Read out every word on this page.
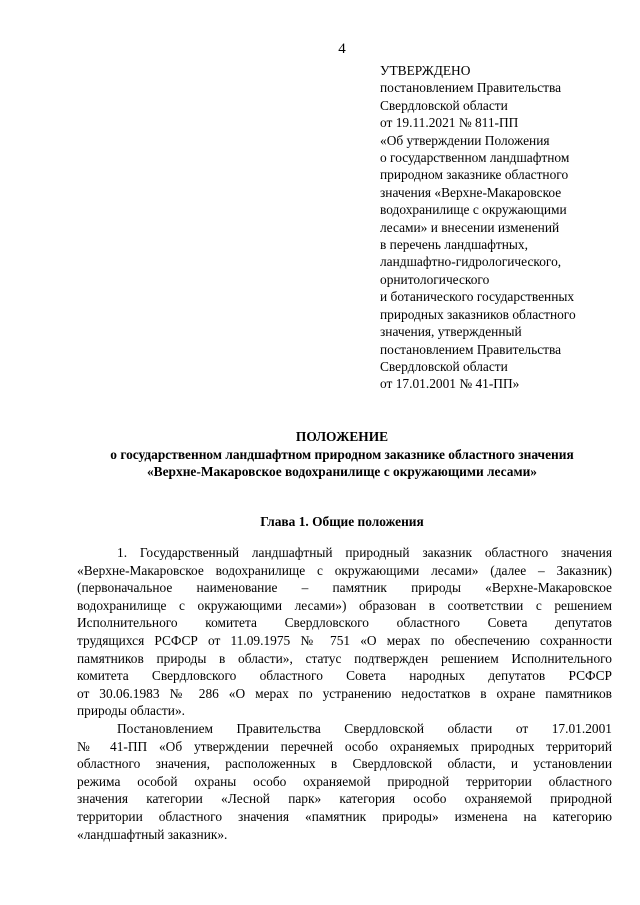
4
УТВЕРЖДЕНО
постановлением Правительства
Свердловской области
от 19.11.2021 № 811-ПП
«Об утверждении Положения
о государственном ландшафтном
природном заказнике областного
значения «Верхне-Макаровское
водохранилище с окружающими
лесами» и внесении изменений
в перечень ландшафтных,
ландшафтно-гидрологического,
орнитологического
и ботанического государственных
природных заказников областного
значения, утвержденный
постановлением Правительства
Свердловской области
от 17.01.2001 № 41-ПП»
ПОЛОЖЕНИЕ
о государственном ландшафтном природном заказнике областного значения
«Верхне-Макаровское водохранилище с окружающими лесами»
Глава 1. Общие положения
1. Государственный ландшафтный природный заказник областного значения
«Верхне-Макаровское водохранилище с окружающими лесами» (далее – Заказник)
(первоначальное наименование – памятник природы «Верхне-Макаровское
водохранилище с окружающими лесами») образован в соответствии с решением
Исполнительного комитета Свердловского областного Совета депутатов
трудящихся РСФСР от 11.09.1975 № 751 «О мерах по обеспечению сохранности
памятников природы в области», статус подтвержден решением Исполнительного
комитета Свердловского областного Совета народных депутатов РСФСР
от 30.06.1983 № 286 «О мерах по устранению недостатков в охране памятников
природы области».
Постановлением Правительства Свердловской области от 17.01.2001
№ 41-ПП «Об утверждении перечней особо охраняемых природных территорий
областного значения, расположенных в Свердловской области, и установлении
режима особой охраны особо охраняемой природной территории областного
значения категории «Лесной парк» категория особо охраняемой природной
территории областного значения «памятник природы» изменена на категорию
«ландшафтный заказник».
